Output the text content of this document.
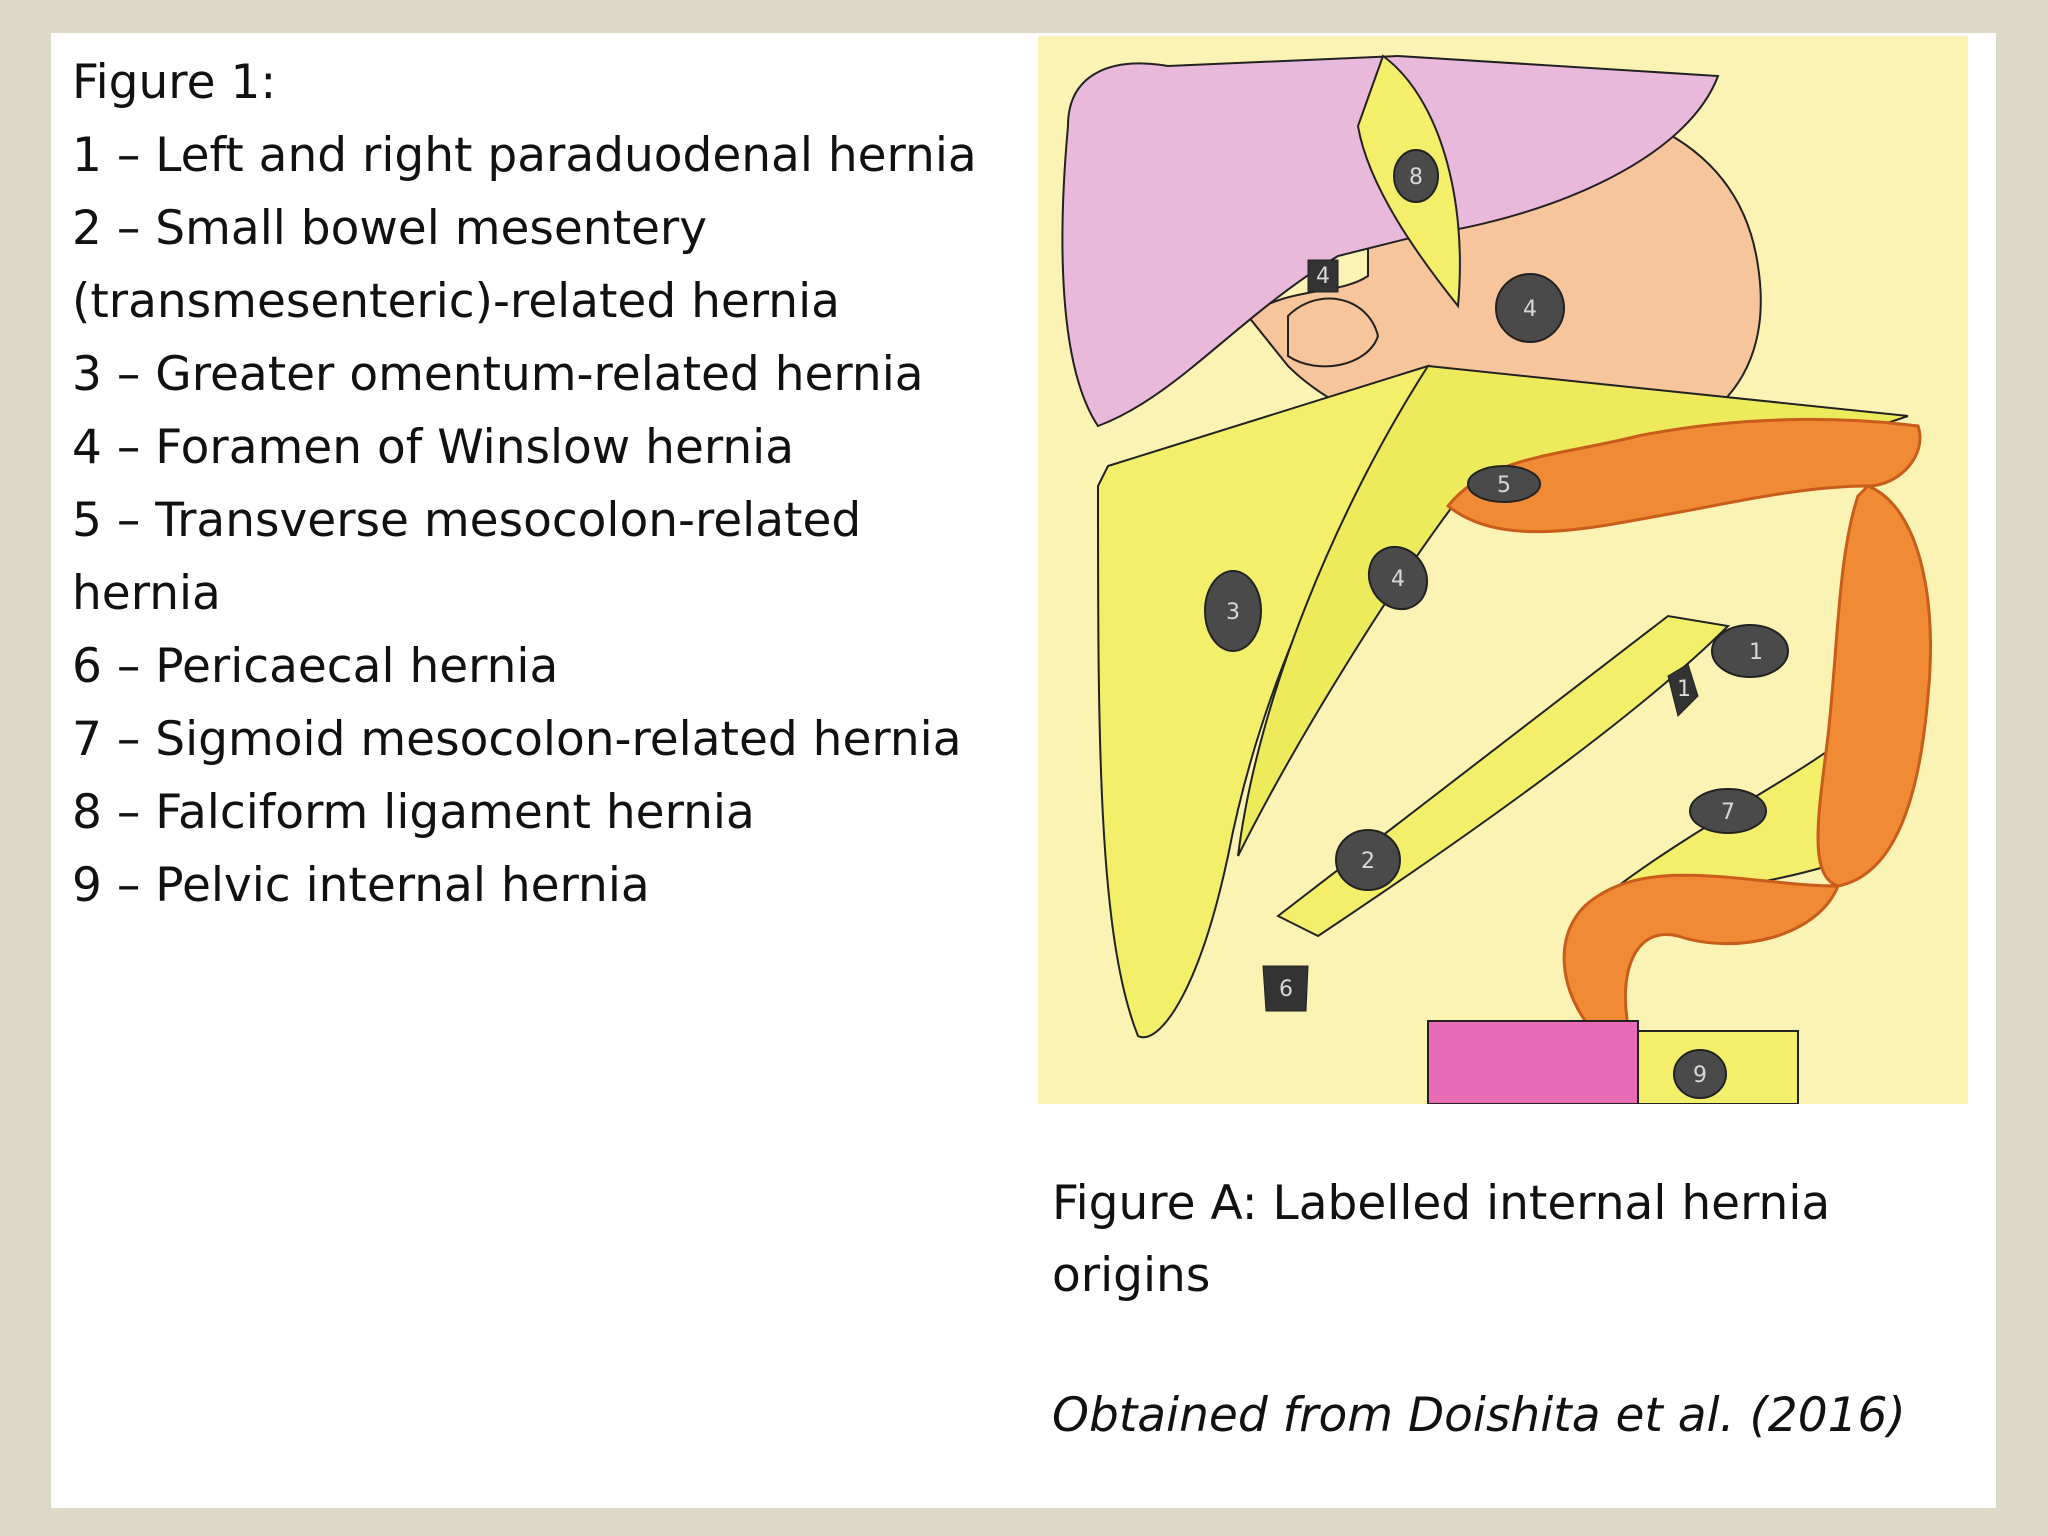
Figure 1:
1 – Left and right paraduodenal hernia
2 – Small bowel mesentery (transmesenteric)-related hernia
3 – Greater omentum-related hernia
4 – Foramen of Winslow hernia
5 – Transverse mesocolon-related hernia
6 – Pericaecal hernia
7 – Sigmoid mesocolon-related hernia
8 – Falciform ligament hernia
9 – Pelvic internal hernia
8
4
4
5
4
3
1
1
7
2
6
9
Figure A: Labelled internal hernia origins
Obtained from Doishita et al. (2016)
